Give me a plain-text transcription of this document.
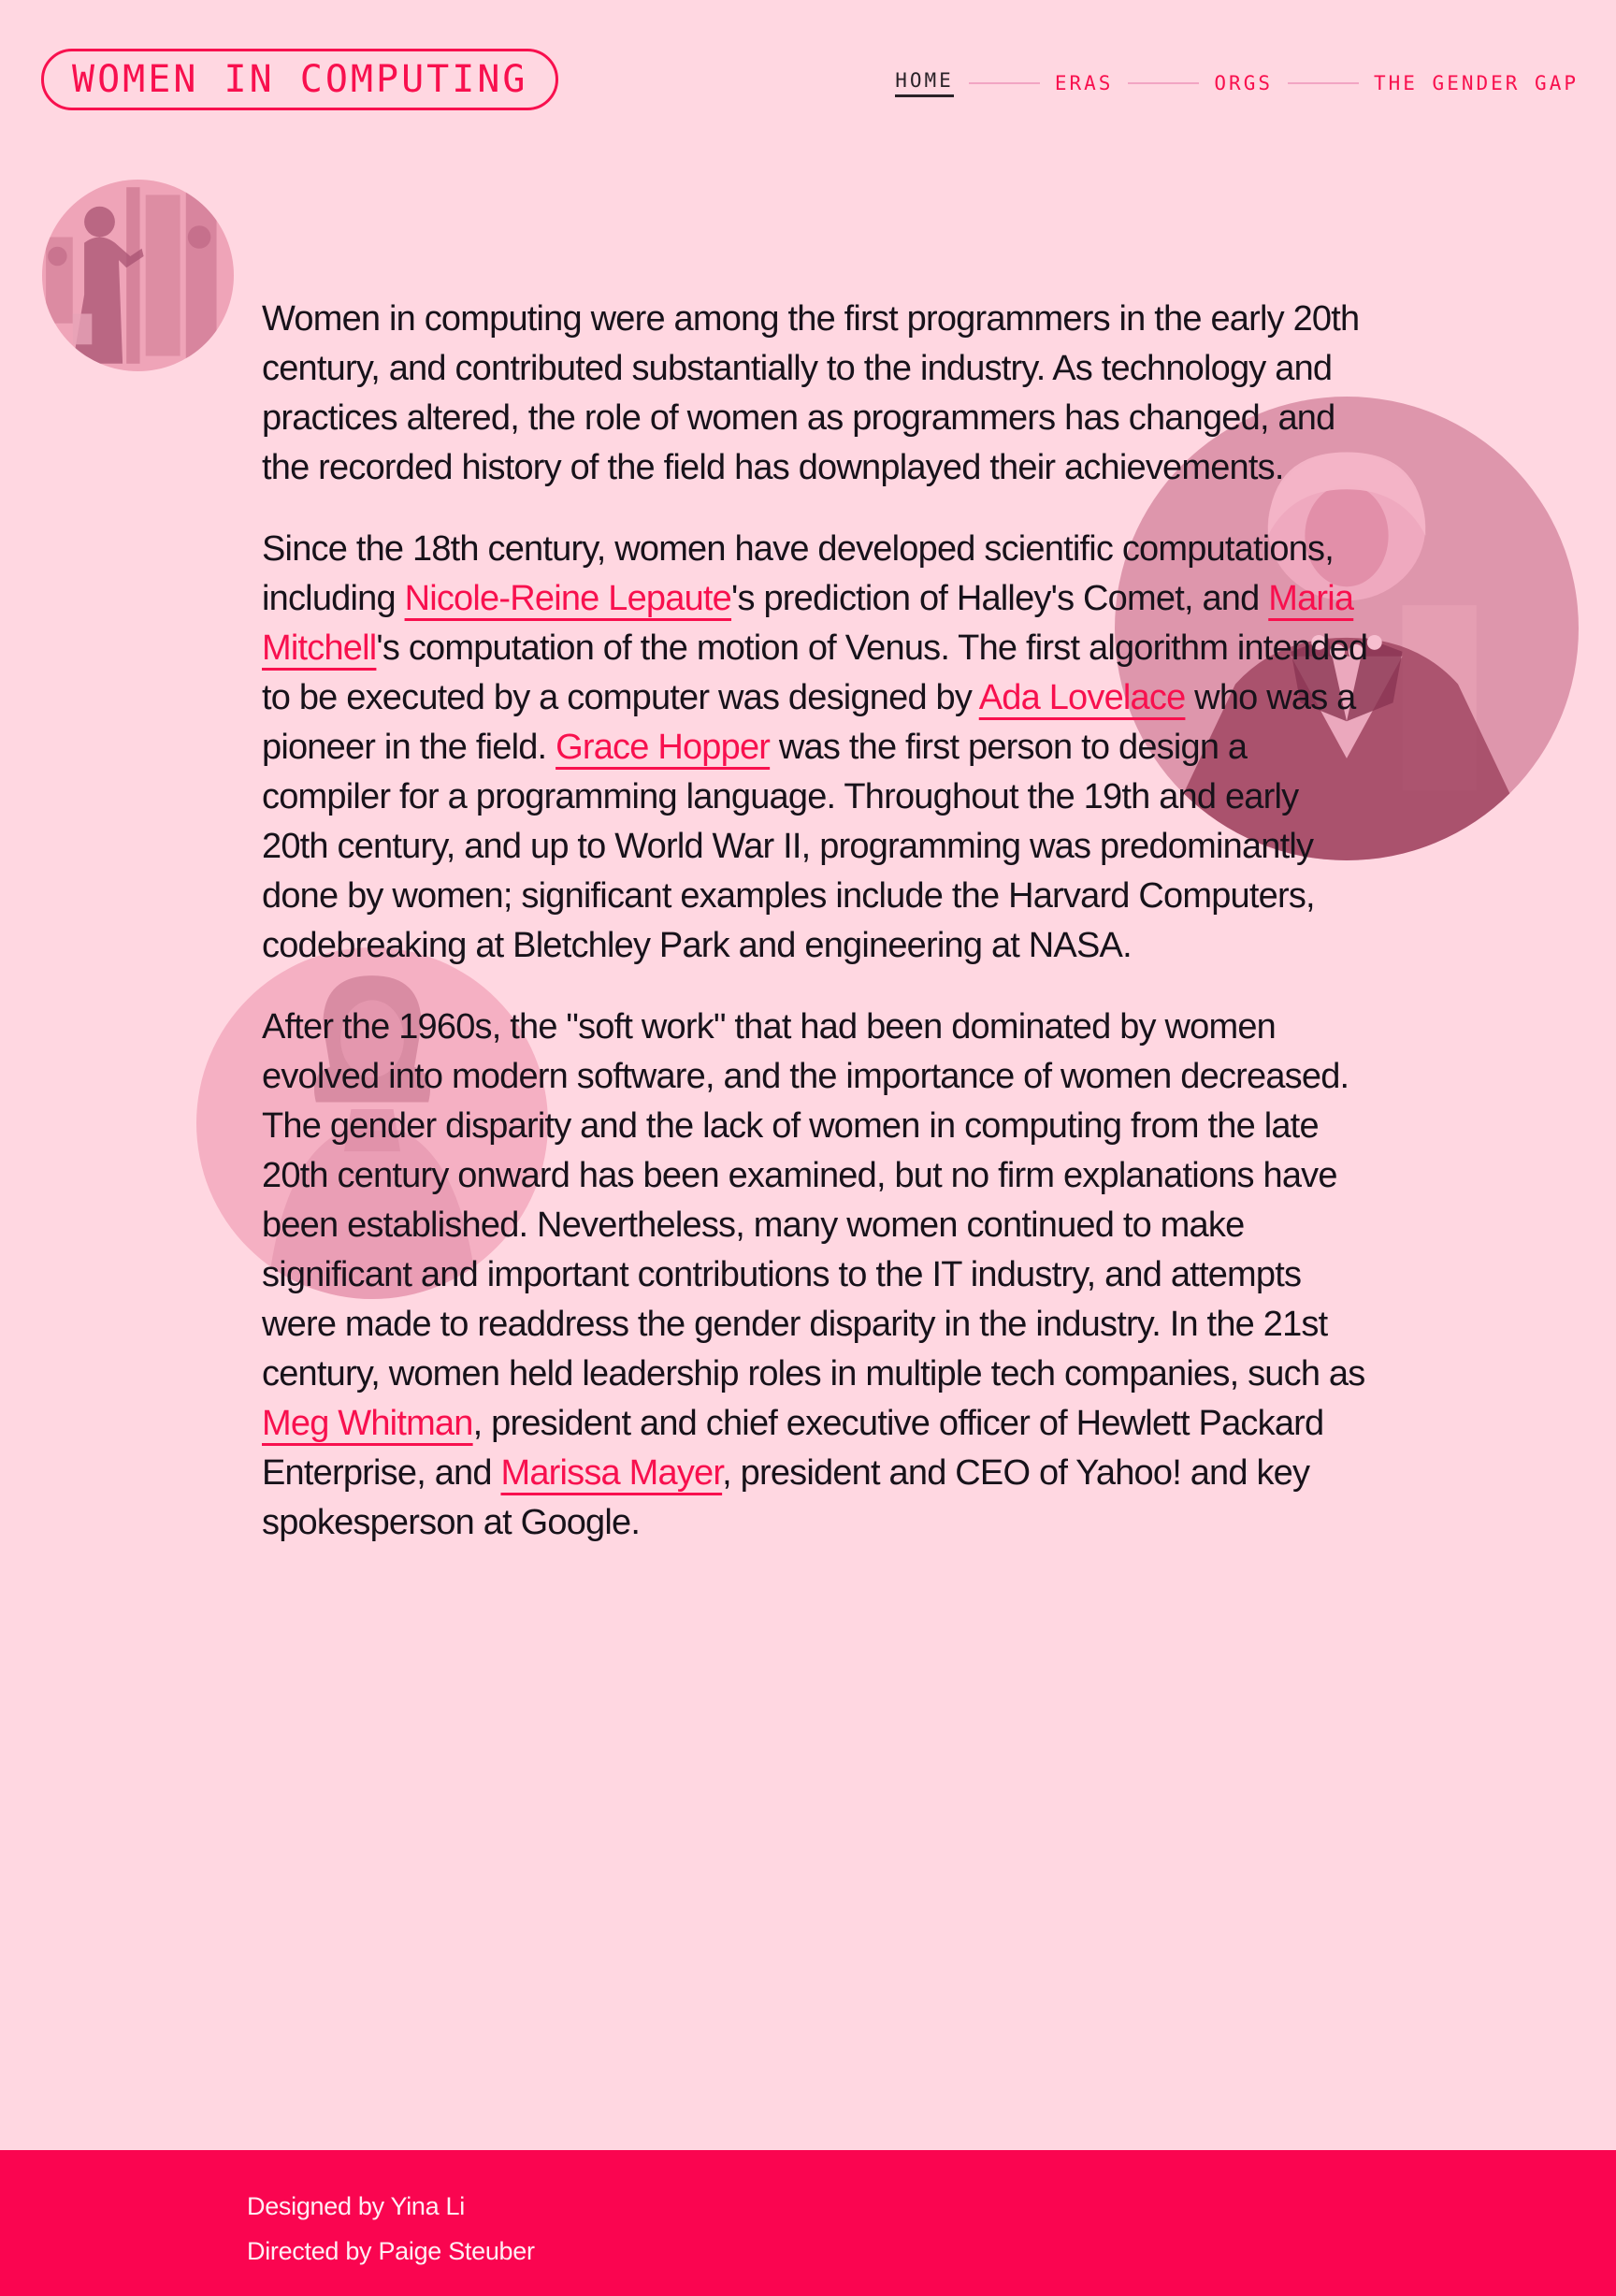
WOMEN IN COMPUTING	HOME	ERAS	ORGS	THE GENDER GAP

Women in computing were among the first programmers in the early 20th century, and contributed substantially to the industry. As technology and practices altered, the role of women as programmers has changed, and the recorded history of the field has downplayed their achievements.

Since the 18th century, women have developed scientific computations, including Nicole-Reine Lepaute's prediction of Halley's Comet, and Maria Mitchell's computation of the motion of Venus. The first algorithm intended to be executed by a computer was designed by Ada Lovelace who was a pioneer in the field. Grace Hopper was the first person to design a compiler for a programming language. Throughout the 19th and early 20th century, and up to World War II, programming was predominantly done by women; significant examples include the Harvard Computers, codebreaking at Bletchley Park and engineering at NASA.

After the 1960s, the "soft work" that had been dominated by women evolved into modern software, and the importance of women decreased. The gender disparity and the lack of women in computing from the late 20th century onward has been examined, but no firm explanations have been established. Nevertheless, many women continued to make significant and important contributions to the IT industry, and attempts were made to readdress the gender disparity in the industry. In the 21st century, women held leadership roles in multiple tech companies, such as Meg Whitman, president and chief executive officer of Hewlett Packard Enterprise, and Marissa Mayer, president and CEO of Yahoo! and key spokesperson at Google.

Designed by Yina Li
Directed by Paige Steuber
